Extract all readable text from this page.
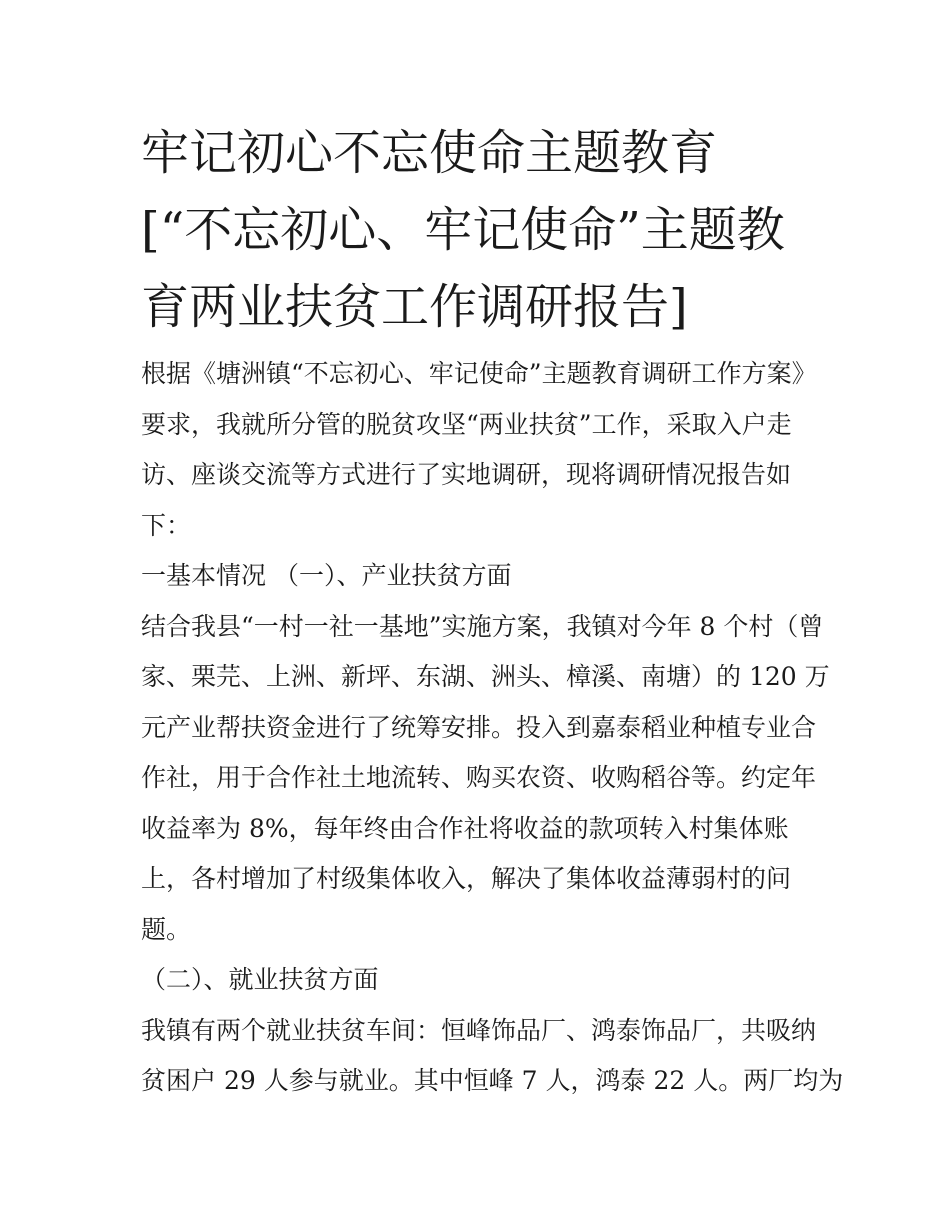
牢记初心不忘使命主题教育
[“不忘初心、牢记使命”主题教
育两业扶贫工作调研报告]
根据《塘洲镇“不忘初心、牢记使命”主题教育调研工作方案》
要求，我就所分管的脱贫攻坚“两业扶贫”工作，采取入户走
访、座谈交流等方式进行了实地调研，现将调研情况报告如
下：
一基本情况 （一）、产业扶贫方面
结合我县“一村一社一基地”实施方案，我镇对今年 8 个村（曾
家、栗芫、上洲、新坪、东湖、洲头、樟溪、南塘）的 120 万
元产业帮扶资金进行了统筹安排。投入到嘉泰稻业种植专业合
作社，用于合作社土地流转、购买农资、收购稻谷等。约定年
收益率为 8%，每年终由合作社将收益的款项转入村集体账
上，各村增加了村级集体收入，解决了集体收益薄弱村的问
题。
（二）、就业扶贫方面
我镇有两个就业扶贫车间：恒峰饰品厂、鸿泰饰品厂，共吸纳
贫困户 29 人参与就业。其中恒峰 7 人，鸿泰 22 人。两厂均为
